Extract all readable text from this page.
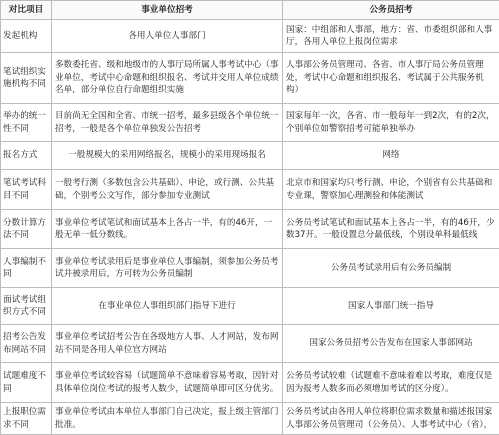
对比项目	事业单位招考	公务员招考
发起机构	各用人单位人事部门	国家：中组部和人事部，地方：省、市委组织部和人事厅，各用人单位上报岗位需求
笔试组织实施机构不同	多数委托省、级和地级市的人事厅局所属人事考试中心（事业单位，考试中心命题和组织报名、考试并交用人单位成绩名单，部分单位自行命题组织实施	人事部公务员管理司、各省、市人事厅局公务员管理处，考试中心命题和组织报名、考试属于公共服务机构）
举办的统一性不同	目前尚无全国和全省、市统一招考，最多县级各个单位统一招考，一般是各个单位单独发公告招考	国家每年一次，各省、市一般每年一到2次，有的2次，个别单位如警察招考可能单独举办
报名方式	一般规模大的采用网络报名，规模小的采用现场报名	网络
笔试考试科目不同	一般考行测（多数包含公共基础）、申论，或行测、公共基础，个别考公文写作，部分参加专业测试	北京市和国家均只考行测、申论，个别省有公共基础和专业课，警察加心理测验和体能测试
分数计算方法不同	事业单位考试笔试和面试基本上各占一半，有的46开，一般无单一低分数线。	公务员考试笔试和面试基本上各占一半，有的46开，少数37开。一般设置总分最低线，个别设单科最低线
人事编制不同	事业单位考试录用后是事业单位人事编制，须参加公务员考试并被录用后，方可转为公务员编制	公务员考试录用后有公务员编制
面试考试组织方式不同	在事业单位人事组织部门指导下进行	国家人事部门统一指导
招考公告发布网站不同	事业单位考试招考公告在各级地方人事、人才网站，发布网站不同是各用人单位官方网站	国家公务员招考公告发布在国家人事部网站
试题难度不同	事业单位考试较容易（试题简单不意味着容易考取，因针对具体单位岗位考试的报考人数少，试题简单即可区分优劣。	公务员考试较难（试题难不意味着难以考取，难度仅是因为报考人数多而必须增加考试的区分度）。
上报职位需求不同	事业单位考试由本单位人事部门自己决定，报上级主管部门批准。	公务员考试由各用人单位将职位需求数量和描述报国家人事部公务员管理司（公务员）、人事考试中心（省），
